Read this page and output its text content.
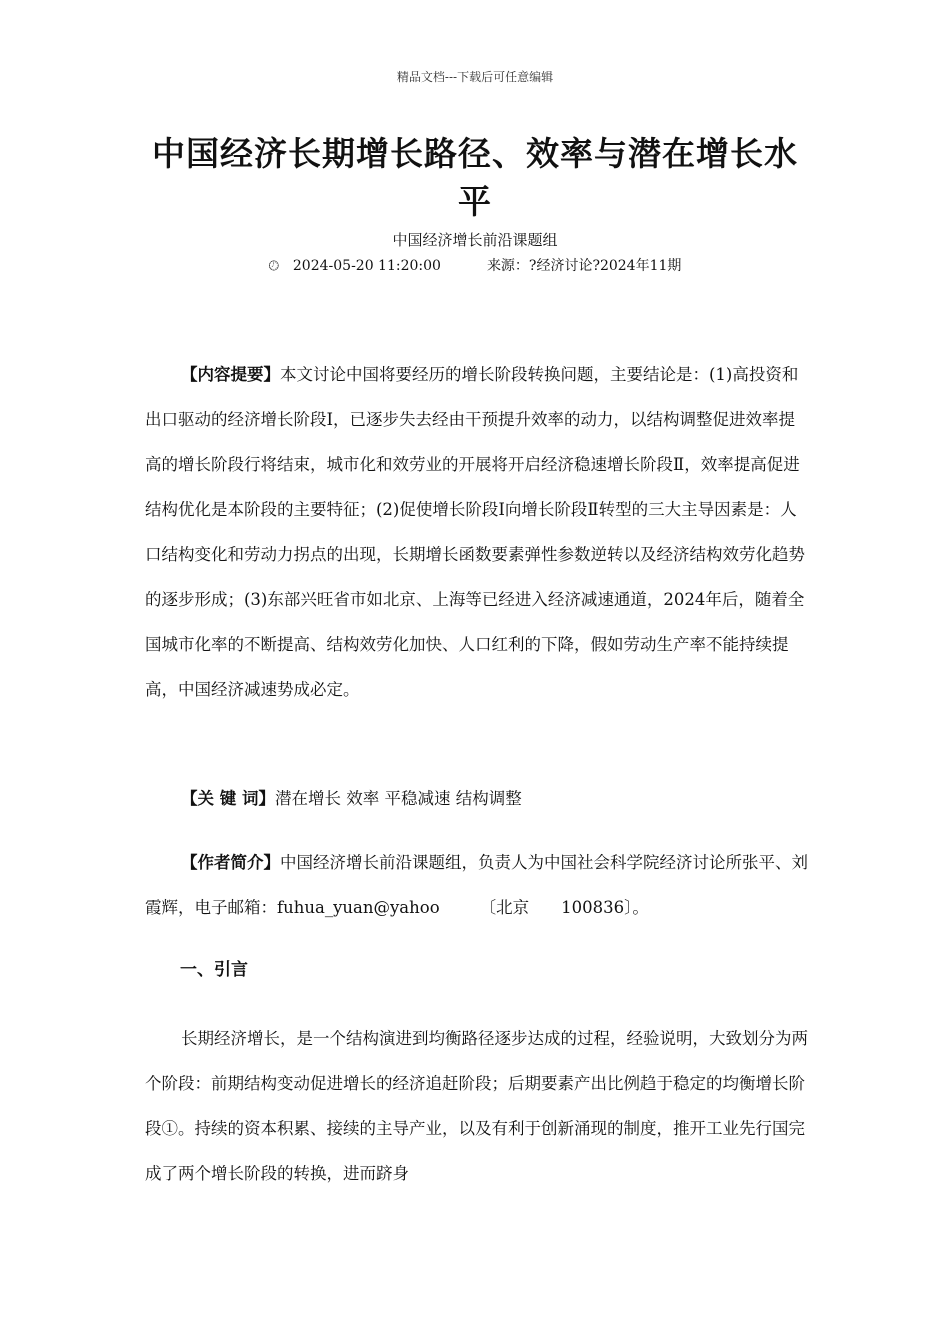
精品文档---下载后可任意编辑
中国经济长期增长路径、效率与潜在增长水平
中国经济增长前沿课题组
🕗︎ 2024-05-20 11:20:00	来源：?经济讨论?2024年11期

【内容提要】本文讨论中国将要经历的增长阶段转换问题，主要结论是：(1)高投资和出口驱动的经济增长阶段Ⅰ，已逐步失去经由干预提升效率的动力，以结构调整促进效率提高的增长阶段行将结束，城市化和效劳业的开展将开启经济稳速增长阶段Ⅱ，效率提高促进结构优化是本阶段的主要特征；(2)促使增长阶段Ⅰ向增长阶段Ⅱ转型的三大主导因素是：人口结构变化和劳动力拐点的出现，长期增长函数要素弹性参数逆转以及经济结构效劳化趋势的逐步形成；(3)东部兴旺省市如北京、上海等已经进入经济减速通道，2024年后，随着全国城市化率的不断提高、结构效劳化加快、人口红利的下降，假如劳动生产率不能持续提高，中国经济减速势成必定。

【关 键 词】潜在增长 效率 平稳减速 结构调整

【作者简介】中国经济增长前沿课题组，负责人为中国社会科学院经济讨论所张平、刘霞辉，电子邮箱：fuhua_yuan@yahoo 〔北京 100836〕。

一、引言

长期经济增长，是一个结构演进到均衡路径逐步达成的过程，经验说明，大致划分为两个阶段：前期结构变动促进增长的经济追赶阶段；后期要素产出比例趋于稳定的均衡增长阶段①。持续的资本积累、接续的主导产业，以及有利于创新涌现的制度，推开工业先行国完成了两个增长阶段的转换，进而跻身
